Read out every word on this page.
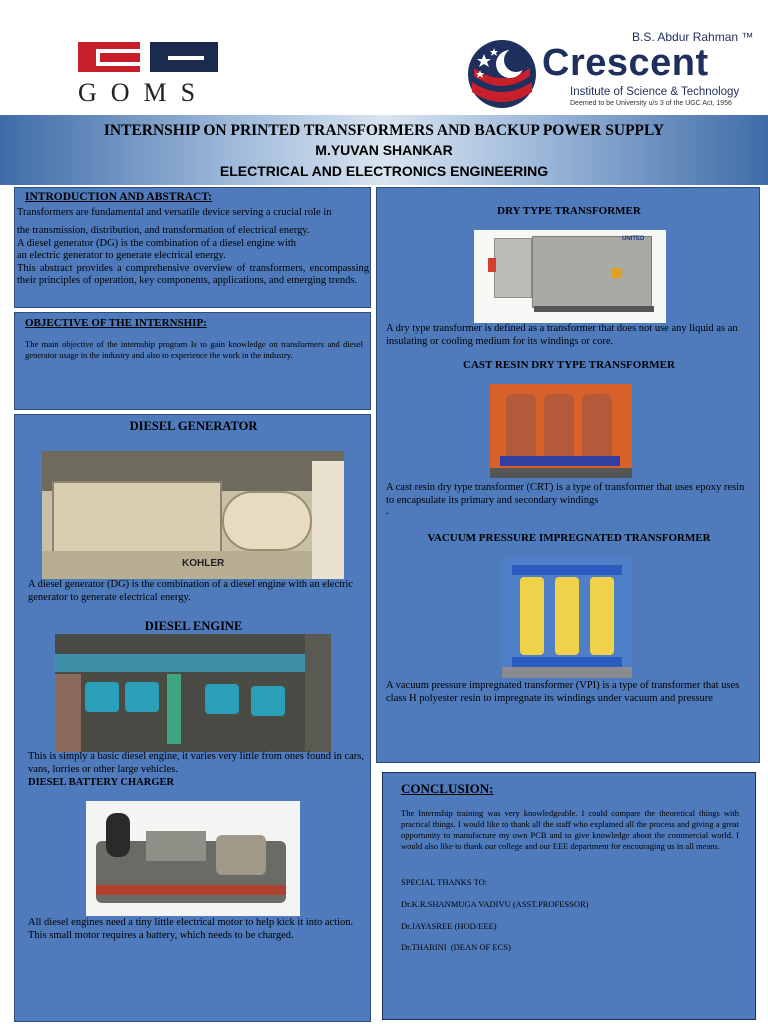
GOMS
B.S. Abdur Rahman ™
Crescent
Institute of Science & Technology
Deemed to be University u/s 3 of the UGC Act, 1956
INTERNSHIP ON PRINTED TRANSFORMERS AND BACKUP POWER SUPPLY
M.YUVAN SHANKAR
ELECTRICAL AND ELECTRONICS ENGINEERING
INTRODUCTION AND ABSTRACT:
Transformers are fundamental and versatile device serving a crucial role in
the transmission, distribution, and transformation of electrical energy.
A diesel generator (DG) is the combination of a diesel engine with
an electric generator to generate electrical energy.
This abstract provides a comprehensive overview of transformers, encompassing their principles of operation, key components, applications, and emerging trends.
OBJECTIVE OF THE INTERNSHIP:
The main objective of the internship program Is to gain knowledge on transformers and diesel generator usage in the industry and also to experience the work in the industry.
DIESEL GENERATOR
KOHLER
A diesel generator (DG) is the combination of a diesel engine with an electric generator to generate electrical energy.
DIESEL ENGINE
This is simply a basic diesel engine, it varies very little from ones found in cars, vans, lorries or other large vehicles.
DIESEL BATTERY CHARGER
All diesel engines need a tiny little electrical motor to help kick it into action. This small motor requires a battery, which needs to be charged.
DRY TYPE TRANSFORMER
UNITED
A dry type transformer is defined as a transformer that does not use any liquid as an insulating or cooling medium for its windings or core.
CAST RESIN DRY TYPE TRANSFORMER
A cast resin dry type transformer (CRT) is a type of transformer that uses epoxy resin to encapsulate its primary and secondary windings
.
VACUUM PRESSURE IMPREGNATED TRANSFORMER
A vacuum pressure impregnated transformer (VPI) is a type of transformer that uses class H polyester resin to impregnate its windings under vacuum and pressure
CONCLUSION:
The Internship training was very knowledgeable. I could compare the theoretical things with practical things. I would like to thank all the staff who explained all the process and giving a great opportunity to manufacture my own PCB and to give knowledge about the commercial world. I would also like to thank our college and our EEE department for encouraging us in all means.
SPECIAL THANKS TO:
Dr.K.R.SHANMUGA VADIVU (ASST.PROFESSOR)
Dr.JAYASREE (HOD/EEE)
Dr.THARINI  (DEAN OF ECS)
